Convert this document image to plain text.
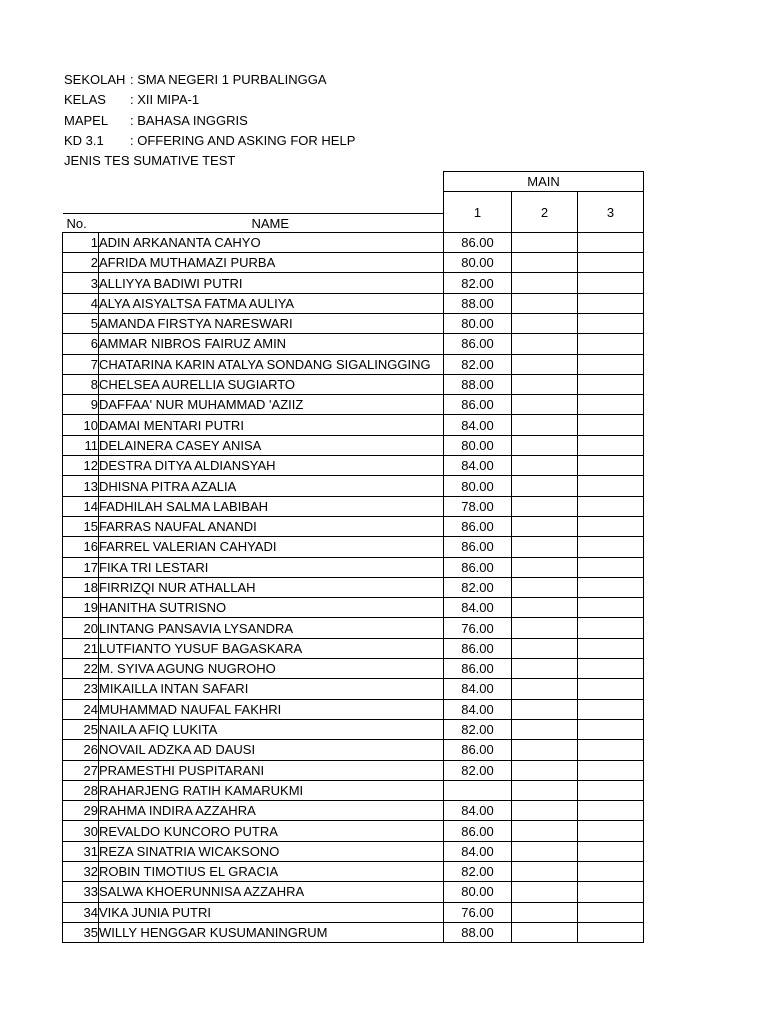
SEKOLAH : SMA NEGERI 1 PURBALINGGA
KELAS : XII MIPA-1
MAPEL : BAHASA INGGRIS
KD 3.1 : OFFERING AND ASKING FOR HELP
JENIS TES: SUMATIVE TEST
		MAIN		

No.	NAME	1	2	3
1	ADIN ARKANANTA CAHYO	86.00		
2	AFRIDA MUTHAMAZI PURBA	80.00		
3	ALLIYYA BADIWI PUTRI	82.00		
4	ALYA AISYALTSA FATMA AULIYA	88.00		
5	AMANDA FIRSTYA NARESWARI	80.00		
6	AMMAR NIBROS FAIRUZ AMIN	86.00		
7	CHATARINA KARIN ATALYA SONDANG SIGALINGGING	82.00		
8	CHELSEA AURELLIA SUGIARTO	88.00		
9	DAFFAA' NUR MUHAMMAD 'AZIIZ	86.00		
10	DAMAI MENTARI PUTRI	84.00		
11	DELAINERA CASEY ANISA	80.00		
12	DESTRA DITYA ALDIANSYAH	84.00		
13	DHISNA PITRA AZALIA	80.00		
14	FADHILAH SALMA LABIBAH	78.00		
15	FARRAS NAUFAL ANANDI	86.00		
16	FARREL VALERIAN CAHYADI	86.00		
17	FIKA TRI LESTARI	86.00		
18	FIRRIZQI NUR ATHALLAH	82.00		
19	HANITHA SUTRISNO	84.00		
20	LINTANG PANSAVIA LYSANDRA	76.00		
21	LUTFIANTO YUSUF BAGASKARA	86.00		
22	M. SYIVA AGUNG NUGROHO	86.00		
23	MIKAILLA INTAN SAFARI	84.00		
24	MUHAMMAD NAUFAL FAKHRI	84.00		
25	NAILA AFIQ LUKITA	82.00		
26	NOVAIL ADZKA AD DAUSI	86.00		
27	PRAMESTHI PUSPITARANI	82.00		
28	RAHARJENG RATIH KAMARUKMI			
29	RAHMA INDIRA AZZAHRA	84.00		
30	REVALDO KUNCORO PUTRA	86.00		
31	REZA SINATRIA WICAKSONO	84.00		
32	ROBIN TIMOTIUS EL GRACIA	82.00		
33	SALWA KHOERUNNISA AZZAHRA	80.00		
34	VIKA JUNIA PUTRI	76.00		
35	WILLY HENGGAR KUSUMANINGRUM	88.00		
